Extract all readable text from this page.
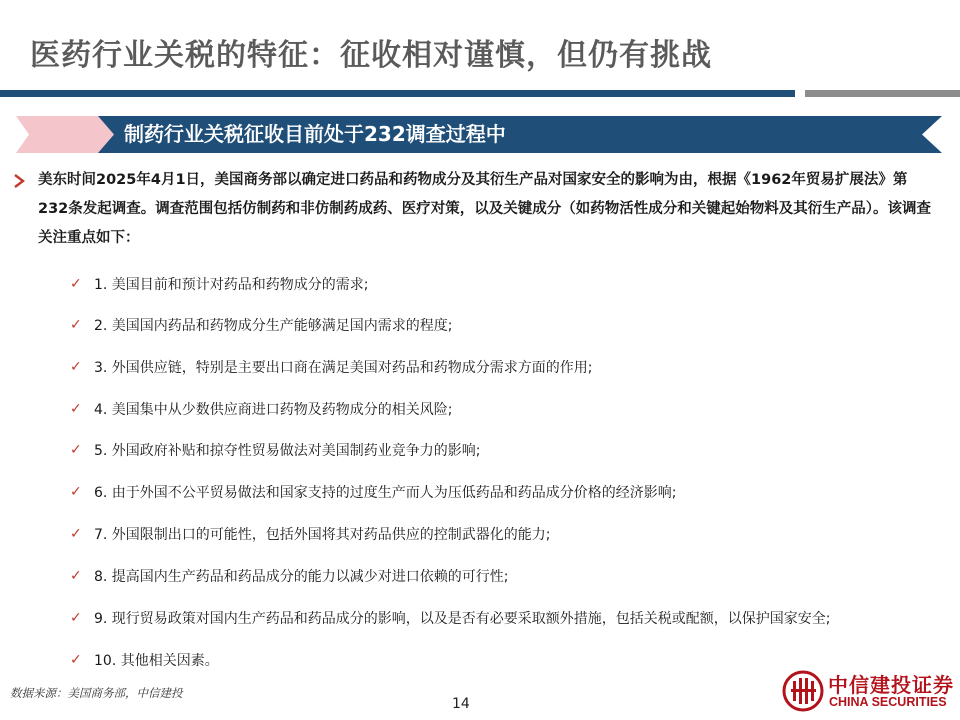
医药行业关税的特征：征收相对谨慎，但仍有挑战
制药行业关税征收目前处于232调查过程中
美东时间2025年4月1日，美国商务部以确定进口药品和药物成分及其衍生产品对国家安全的影响为由，根据《1962年贸易扩展法》第232条发起调查。调查范围包括仿制药和非仿制药成药、医疗对策，以及关键成分（如药物活性成分和关键起始物料及其衍生产品）。该调查关注重点如下：
✓ 1. 美国目前和预计对药品和药物成分的需求;
✓ 2. 美国国内药品和药物成分生产能够满足国内需求的程度;
✓ 3. 外国供应链，特别是主要出口商在满足美国对药品和药物成分需求方面的作用;
✓ 4. 美国集中从少数供应商进口药物及药物成分的相关风险;
✓ 5. 外国政府补贴和掠夺性贸易做法对美国制药业竞争力的影响;
✓ 6. 由于外国不公平贸易做法和国家支持的过度生产而人为压低药品和药品成分价格的经济影响;
✓ 7. 外国限制出口的可能性，包括外国将其对药品供应的控制武器化的能力;
✓ 8. 提高国内生产药品和药品成分的能力以减少对进口依赖的可行性;
✓ 9. 现行贸易政策对国内生产药品和药品成分的影响，以及是否有必要采取额外措施，包括关税或配额，以保护国家安全;
✓ 10. 其他相关因素。
数据来源：美国商务部，中信建投
14
中信建投证券
CHINA SECURITIES
